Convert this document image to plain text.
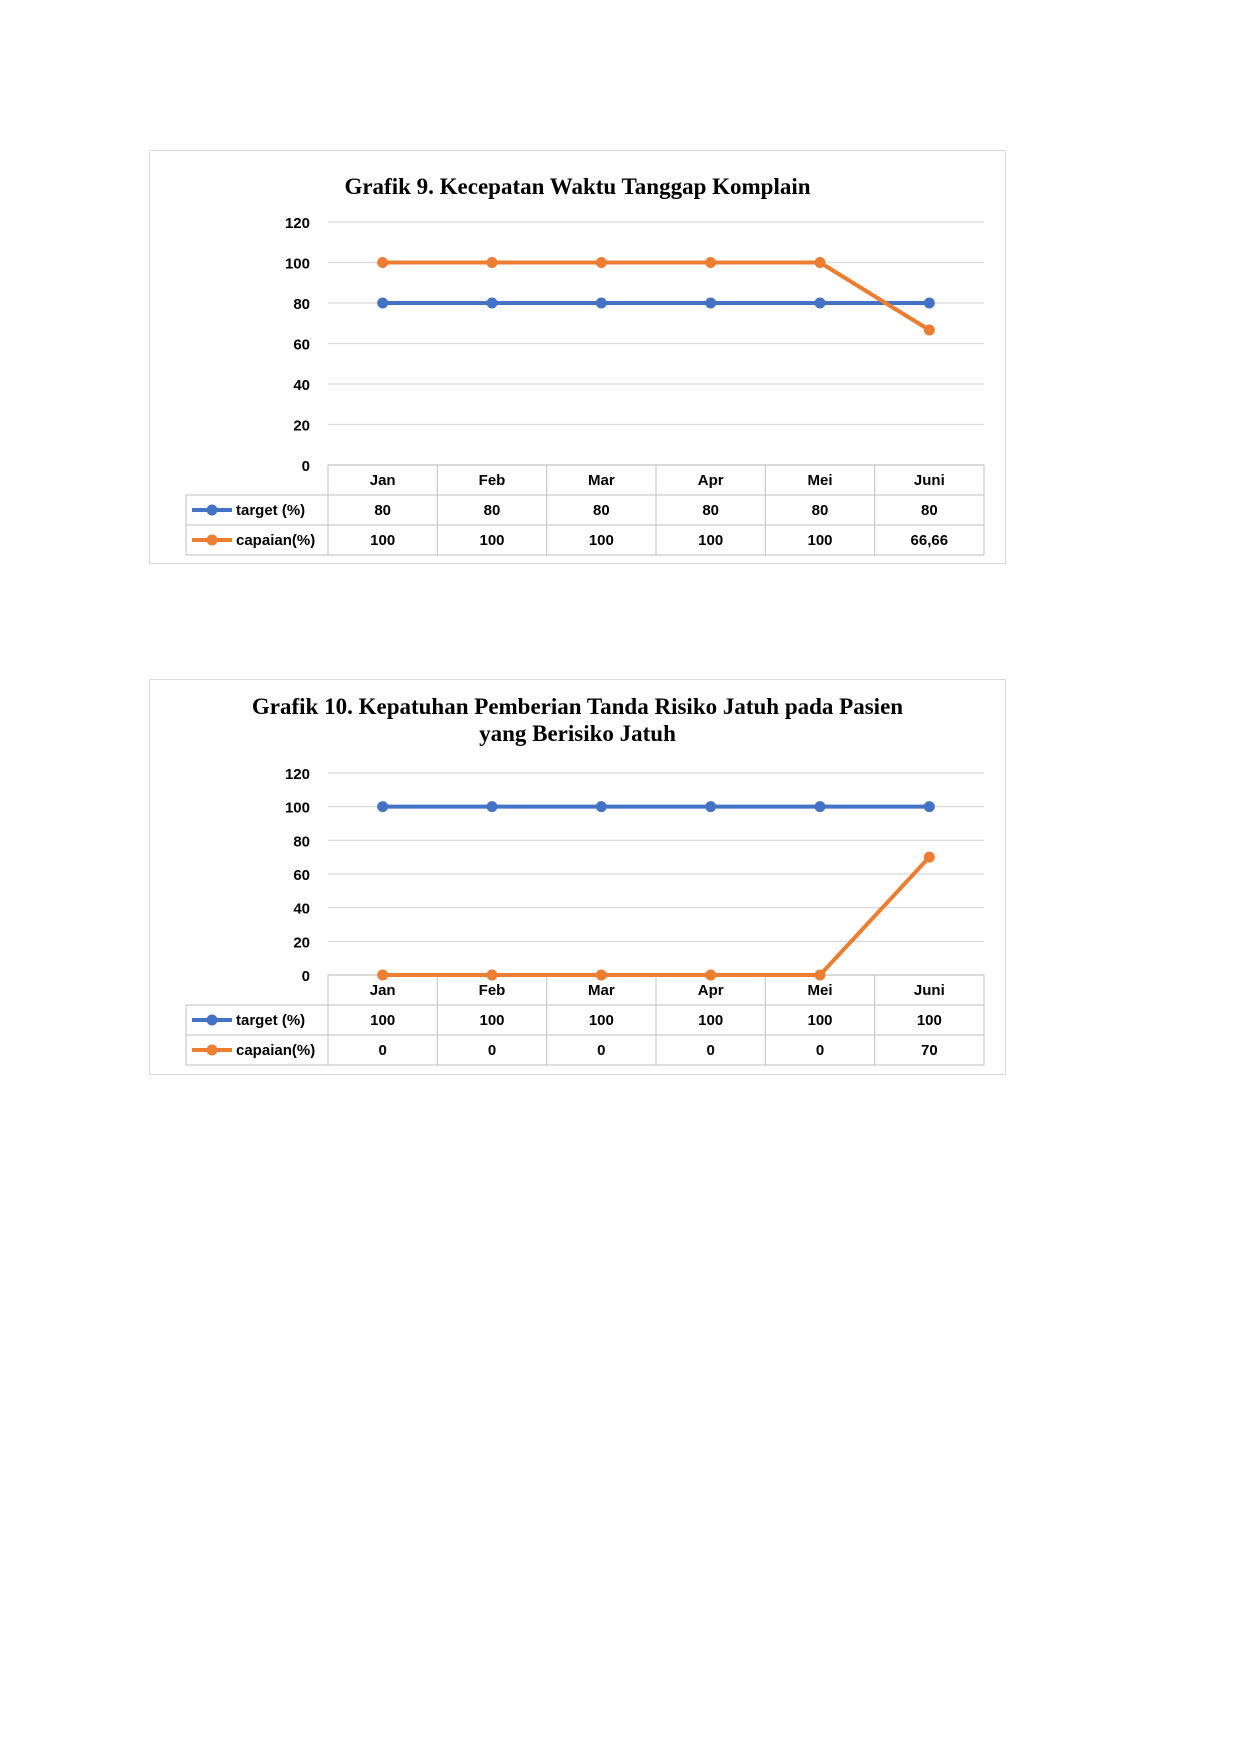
Grafik 9. Kecepatan Waktu Tanggap Komplain
0
20
40
60
80
100
120
Jan	Feb	Mar	Apr	Mei	Juni
target (%)	80	80	80	80	80	80
capaian(%)	100	100	100	100	100	66,66
Grafik 10. Kepatuhan Pemberian Tanda Risiko Jatuh pada Pasien
yang Berisiko Jatuh
0
20
40
60
80
100
120
Jan	Feb	Mar	Apr	Mei	Juni
target (%)	100	100	100	100	100	100
capaian(%)	0	0	0	0	0	70
